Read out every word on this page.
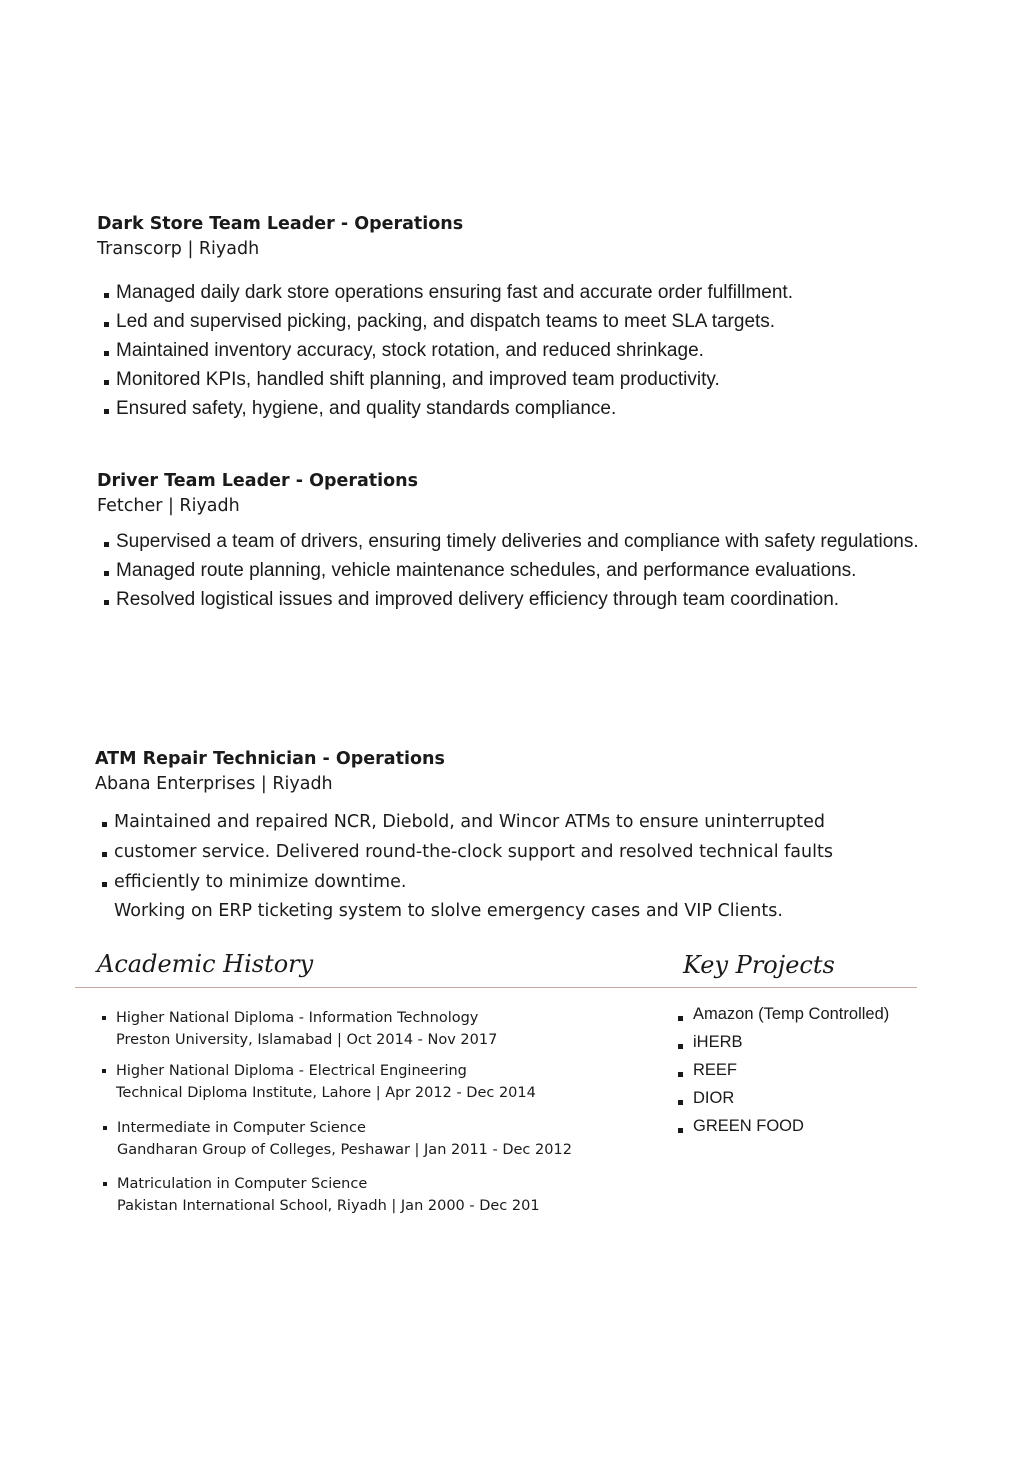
Dark Store Team Leader - Operations
Transcorp | Riyadh
Managed daily dark store operations ensuring fast and accurate order fulfillment.
Led and supervised picking, packing, and dispatch teams to meet SLA targets.
Maintained inventory accuracy, stock rotation, and reduced shrinkage.
Monitored KPIs, handled shift planning, and improved team productivity.
Ensured safety, hygiene, and quality standards compliance.
Driver Team Leader - Operations
Fetcher | Riyadh
Supervised a team of drivers, ensuring timely deliveries and compliance with safety regulations.
Managed route planning, vehicle maintenance schedules, and performance evaluations.
Resolved logistical issues and improved delivery efficiency through team coordination.
ATM Repair Technician - Operations
Abana Enterprises | Riyadh
Maintained and repaired NCR, Diebold, and Wincor ATMs to ensure uninterrupted
customer service. Delivered round-the-clock support and resolved technical faults
efficiently to minimize downtime.
Working on ERP ticketing system to slolve emergency cases and VIP Clients.
Academic History	Key Projects
Higher National Diploma - Information Technology
Preston University, Islamabad | Oct 2014 - Nov 2017
Higher National Diploma - Electrical Engineering
Technical Diploma Institute, Lahore | Apr 2012 - Dec 2014
Intermediate in Computer Science
Gandharan Group of Colleges, Peshawar | Jan 2011 - Dec 2012
Matriculation in Computer Science
Pakistan International School, Riyadh | Jan 2000 - Dec 201
Amazon (Temp Controlled)
iHERB
REEF
DIOR
GREEN FOOD
